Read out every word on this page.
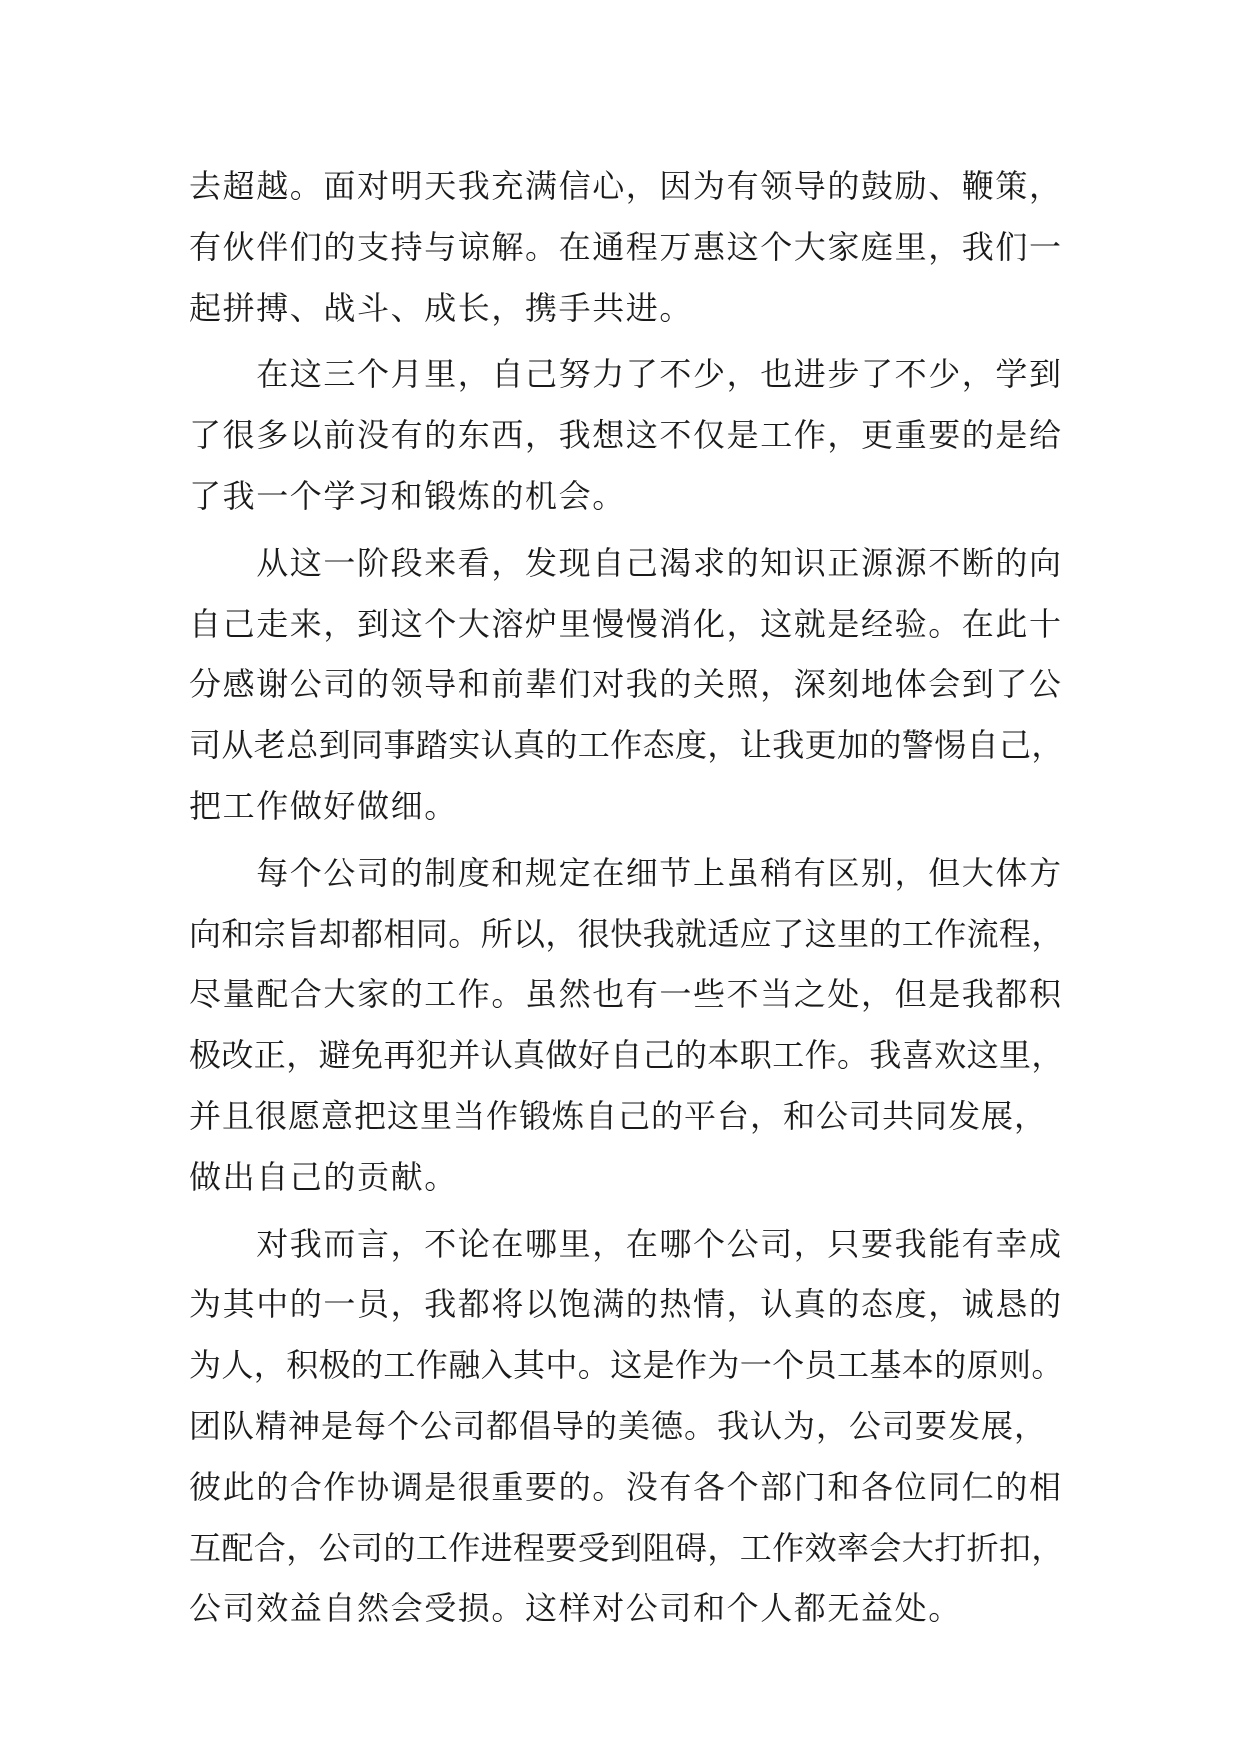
去超越。面对明天我充满信心，因为有领导的鼓励、鞭策，
有伙伴们的支持与谅解。在通程万惠这个大家庭里，我们一
起拼搏、战斗、成长，携手共进。
　　在这三个月里，自己努力了不少，也进步了不少，学到
了很多以前没有的东西，我想这不仅是工作，更重要的是给
了我一个学习和锻炼的机会。
　　从这一阶段来看，发现自己渴求的知识正源源不断的向
自己走来，到这个大溶炉里慢慢消化，这就是经验。在此十
分感谢公司的领导和前辈们对我的关照，深刻地体会到了公
司从老总到同事踏实认真的工作态度，让我更加的警惕自己，
把工作做好做细。
　　每个公司的制度和规定在细节上虽稍有区别，但大体方
向和宗旨却都相同。所以，很快我就适应了这里的工作流程，
尽量配合大家的工作。虽然也有一些不当之处，但是我都积
极改正，避免再犯并认真做好自己的本职工作。我喜欢这里，
并且很愿意把这里当作锻炼自己的平台，和公司共同发展，
做出自己的贡献。
　　对我而言，不论在哪里，在哪个公司，只要我能有幸成
为其中的一员，我都将以饱满的热情，认真的态度，诚恳的
为人，积极的工作融入其中。这是作为一个员工基本的原则。
团队精神是每个公司都倡导的美德。我认为，公司要发展，
彼此的合作协调是很重要的。没有各个部门和各位同仁的相
互配合，公司的工作进程要受到阻碍，工作效率会大打折扣，
公司效益自然会受损。这样对公司和个人都无益处。
